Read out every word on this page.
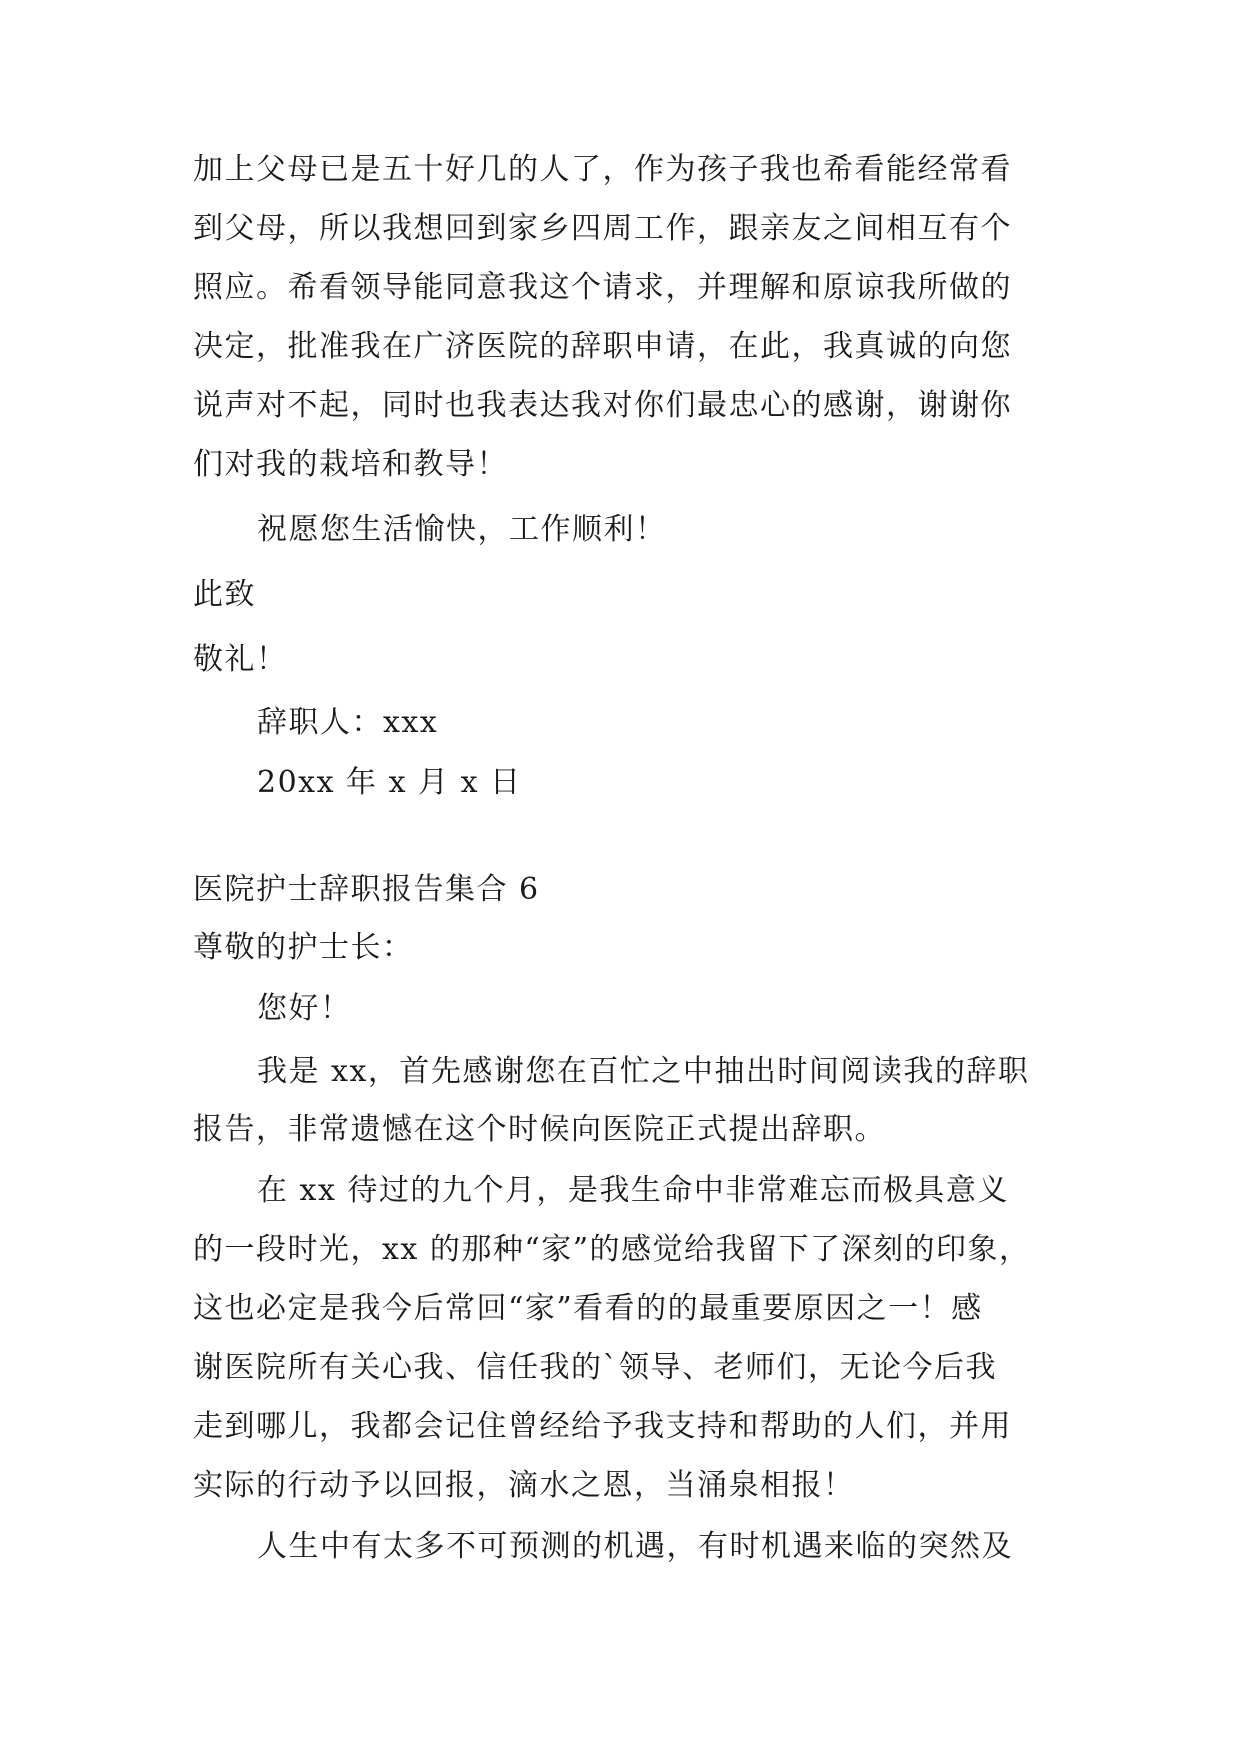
加上父母已是五十好几的人了，作为孩子我也希看能经常看

到父母，所以我想回到家乡四周工作，跟亲友之间相互有个

照应。希看领导能同意我这个请求，并理解和原谅我所做的

决定，批准我在广济医院的辞职申请，在此，我真诚的向您

说声对不起，同时也我表达我对你们最忠心的感谢，谢谢你

们对我的栽培和教导！

祝愿您生活愉快，工作顺利！

此致

敬礼！

辞职人：xxx

20xx 年 x 月 x 日

医院护士辞职报告集合 6

尊敬的护士长：

您好！

我是 xx，首先感谢您在百忙之中抽出时间阅读我的辞职

报告，非常遗憾在这个时候向医院正式提出辞职。

在 xx 待过的九个月，是我生命中非常难忘而极具意义

的一段时光，xx 的那种“家”的感觉给我留下了深刻的印象，

这也必定是我今后常回“家”看看的的最重要原因之一！感

谢医院所有关心我、信任我的`领导、老师们，无论今后我

走到哪儿，我都会记住曾经给予我支持和帮助的人们，并用

实际的行动予以回报，滴水之恩，当涌泉相报！

人生中有太多不可预测的机遇，有时机遇来临的突然及
